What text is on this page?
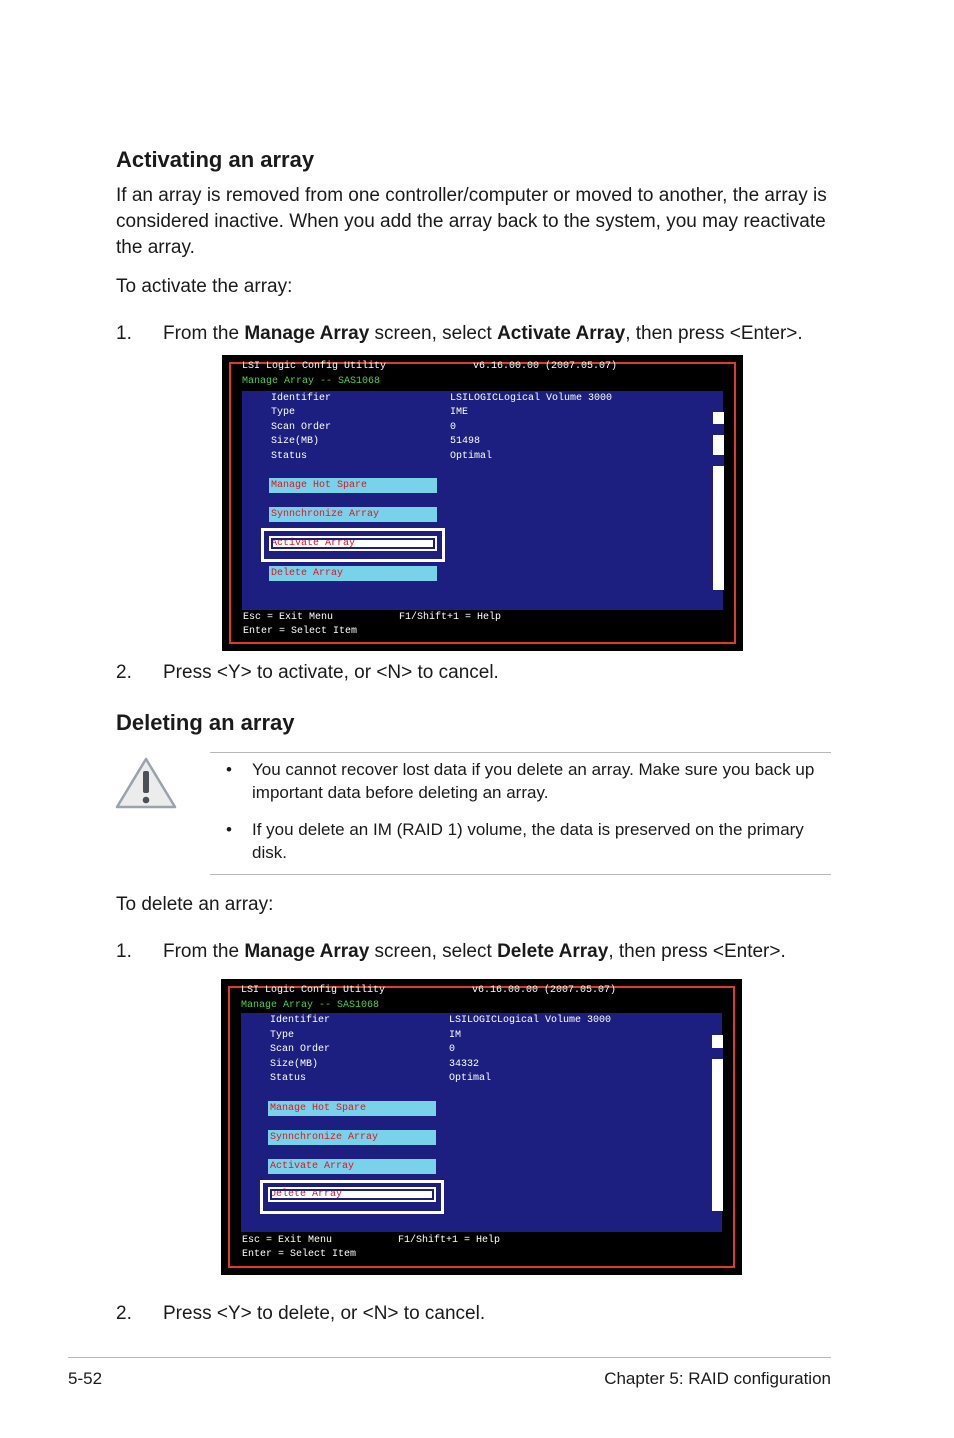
Activating an array

If an array is removed from one controller/computer or moved to another, the array is considered inactive. When you add the array back to the system, you may reactivate the array.

To activate the array:

1. From the Manage Array screen, select Activate Array, then press <Enter>.
LSI Logic Config Utility	v6.16.00.00 (2007.05.07)
Manage Array -- SAS1068
Identifier	LSILOGICLogical Volume 3000
Type	IME
Scan Order	0
Size(MB)	51498
Status	Optimal
Manage Hot Spare
Synnchronize Array
Activate Array
Delete Array
Esc = Exit Menu	F1/Shift+1 = Help
Enter = Select Item
2. Press <Y> to activate, or <N> to cancel.
Deleting an array
• You cannot recover lost data if you delete an array. Make sure you back up important data before deleting an array.

• If you delete an IM (RAID 1) volume, the data is preserved on the primary disk.

To delete an array:

1. From the Manage Array screen, select Delete Array, then press <Enter>.
LSI Logic Config Utility	v6.16.00.00 (2007.05.07)
Manage Array -- SAS1068
Identifier	LSILOGICLogical Volume 3000
Type	IM
Scan Order	0
Size(MB)	34332
Status	Optimal
Manage Hot Spare
Synnchronize Array
Activate Array
Delete Array
Esc = Exit Menu	F1/Shift+1 = Help
Enter = Select Item
2. Press <Y> to delete, or <N> to cancel.
5-52	Chapter 5: RAID configuration
